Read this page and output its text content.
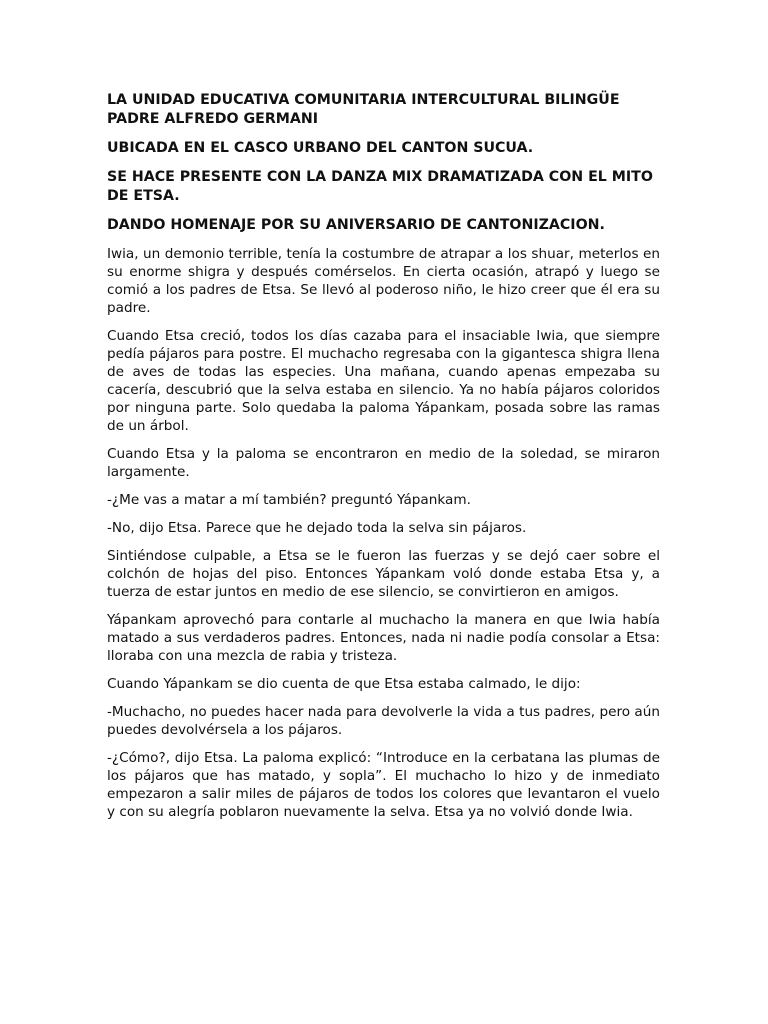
LA UNIDAD EDUCATIVA COMUNITARIA INTERCULTURAL BILINGÜE PADRE ALFREDO GERMANI

UBICADA EN EL CASCO URBANO DEL CANTON SUCUA.

SE HACE PRESENTE CON LA DANZA MIX DRAMATIZADA CON EL MITO DE ETSA.

DANDO HOMENAJE POR SU ANIVERSARIO DE CANTONIZACION.

Iwia, un demonio terrible, tenía la costumbre de atrapar a los shuar, meterlos en su enorme shigra y después comérselos. En cierta ocasión, atrapó y luego se comió a los padres de Etsa. Se llevó al poderoso niño, le hizo creer que él era su padre.

Cuando Etsa creció, todos los días cazaba para el insaciable Iwia, que siempre pedía pájaros para postre. El muchacho regresaba con la gigantesca shigra llena de aves de todas las especies. Una mañana, cuando apenas empezaba su cacería, descubrió que la selva estaba en silencio. Ya no había pájaros coloridos por ninguna parte. Solo quedaba la paloma Yápankam, posada sobre las ramas de un árbol.

Cuando Etsa y la paloma se encontraron en medio de la soledad, se miraron largamente.

-¿Me vas a matar a mí también? preguntó Yápankam.

-No, dijo Etsa. Parece que he dejado toda la selva sin pájaros.

Sintiéndose culpable, a Etsa se le fueron las fuerzas y se dejó caer sobre el colchón de hojas del piso. Entonces Yápankam voló donde estaba Etsa y, a tuerza de estar juntos en medio de ese silencio, se convirtieron en amigos.

Yápankam aprovechó para contarle al muchacho la manera en que Iwia había matado a sus verdaderos padres. Entonces, nada ni nadie podía consolar a Etsa: lloraba con una mezcla de rabia y tristeza.

Cuando Yápankam se dio cuenta de que Etsa estaba calmado, le dijo:

-Muchacho, no puedes hacer nada para devolverle la vida a tus padres, pero aún puedes devolvérsela a los pájaros.

-¿Cómo?, dijo Etsa. La paloma explicó: “Introduce en la cerbatana las plumas de los pájaros que has matado, y sopla”. El muchacho lo hizo y de inmediato empezaron a salir miles de pájaros de todos los colores que levantaron el vuelo y con su alegría poblaron nuevamente la selva. Etsa ya no volvió donde Iwia.
